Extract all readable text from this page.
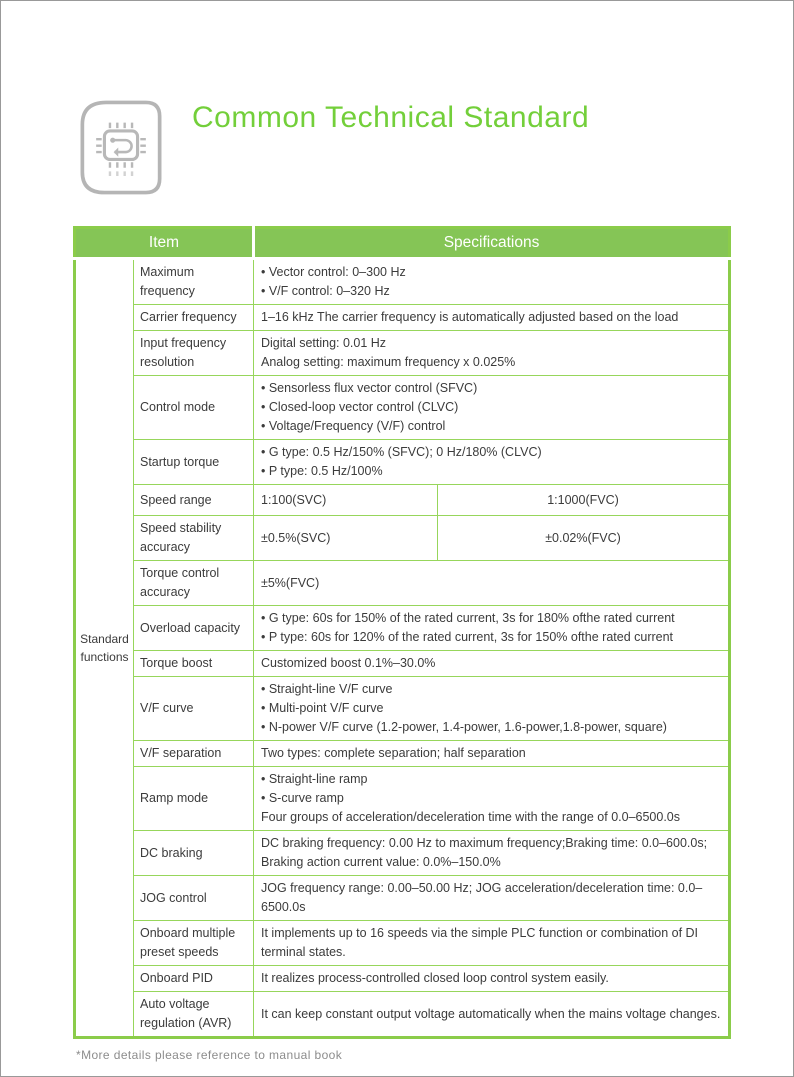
Common Technical Standard
Item		Specifications	
Standard functions	Maximum frequency	• Vector control: 0–300 Hz
• V/F control: 0–320 Hz	

	Carrier frequency	1–16 kHz The carrier frequency is automatically adjusted based on the load	

	Input frequency resolution	Digital setting: 0.01 Hz
Analog setting: maximum frequency x 0.025%	

	Control mode	• Sensorless flux vector control (SFVC)
• Closed-loop vector control (CLVC)
• Voltage/Frequency (V/F) control	

	Startup torque	• G type: 0.5 Hz/150% (SFVC); 0 Hz/180% (CLVC)
• P type: 0.5 Hz/100%	

	Speed range	1:100(SVC)	1:1000(FVC)
	Speed stability accuracy	±0.5%(SVC)	±0.02%(FVC)
	Torque control accuracy	±5%(FVC)	

	Overload capacity	• G type: 60s for 150% of the rated current, 3s for 180% ofthe rated current
• P type: 60s for 120% of the rated current, 3s for 150% ofthe rated current	

	Torque boost	Customized boost 0.1%–30.0%	

	V/F curve	• Straight-line V/F curve
• Multi-point V/F curve
• N-power V/F curve (1.2-power, 1.4-power, 1.6-power,1.8-power, square)	

	V/F separation	Two types: complete separation; half separation	

	Ramp mode	• Straight-line ramp
• S-curve ramp
Four groups of acceleration/deceleration time with the range of 0.0–6500.0s	

	DC braking	DC braking frequency: 0.00 Hz to maximum frequency;Braking time: 0.0–600.0s;
Braking action current value: 0.0%–150.0%	

	JOG control	JOG frequency range: 0.00–50.00 Hz; JOG acceleration/deceleration time: 0.0–6500.0s	

	Onboard multiple preset speeds	It implements up to 16 speeds via the simple PLC function or combination of DI terminal states.	

	Onboard PID	It realizes process-controlled closed loop control system easily.	

	Auto voltage regulation (AVR)	It can keep constant output voltage automatically when the mains voltage changes.	
*More details please reference to manual book
